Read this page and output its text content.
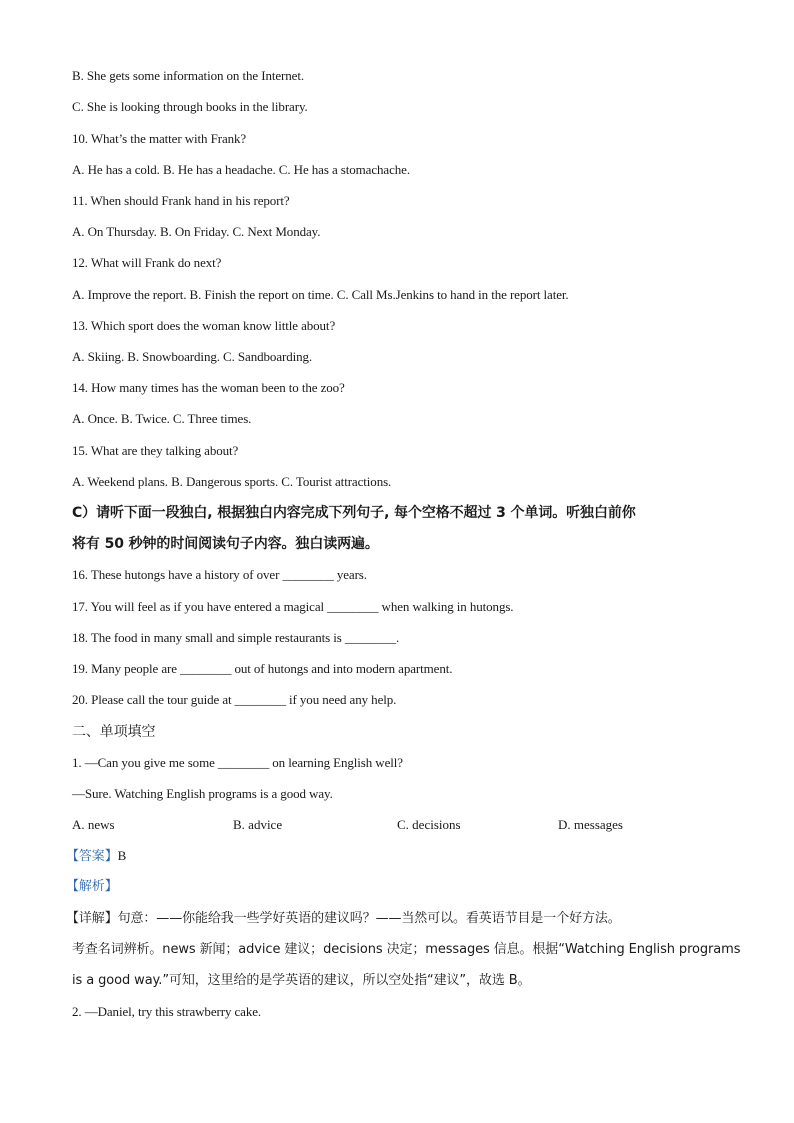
B. She gets some information on the Internet.
C. She is looking through books in the library.
10. What’s the matter with Frank?
A. He has a cold. B. He has a headache. C. He has a stomachache.
11. When should Frank hand in his report?
A. On Thursday. B. On Friday. C. Next Monday.
12. What will Frank do next?
A. Improve the report. B. Finish the report on time. C. Call Ms.Jenkins to hand in the report later.
13. Which sport does the woman know little about?
A. Skiing. B. Snowboarding. C. Sandboarding.
14. How many times has the woman been to the zoo?
A. Once. B. Twice. C. Three times.
15. What are they talking about?
A. Weekend plans. B. Dangerous sports. C. Tourist attractions.
C）请听下面一段独白, 根据独白内容完成下列句子, 每个空格不超过 3 个单词。听独白前你
将有 50 秒钟的时间阅读句子内容。独白读两遍。
16. These hutongs have a history of over ________ years.
17. You will feel as if you have entered a magical ________ when walking in hutongs.
18. The food in many small and simple restaurants is ________.
19. Many people are ________ out of hutongs and into modern apartment.
20. Please call the tour guide at ________ if you need any help.
二、单项填空
1. —Can you give me some ________ on learning English well?
—Sure. Watching English programs is a good way.
A. news	B. advice	C. decisions	D. messages
【答案】B
【解析】
【详解】句意：——你能给我一些学好英语的建议吗？——当然可以。看英语节目是一个好方法。
考查名词辨析。news 新闻；advice 建议；decisions 决定；messages 信息。根据“Watching English programs
is a good way.”可知，这里给的是学英语的建议，所以空处指“建议”，故选 B。
2. —Daniel, try this strawberry cake.
